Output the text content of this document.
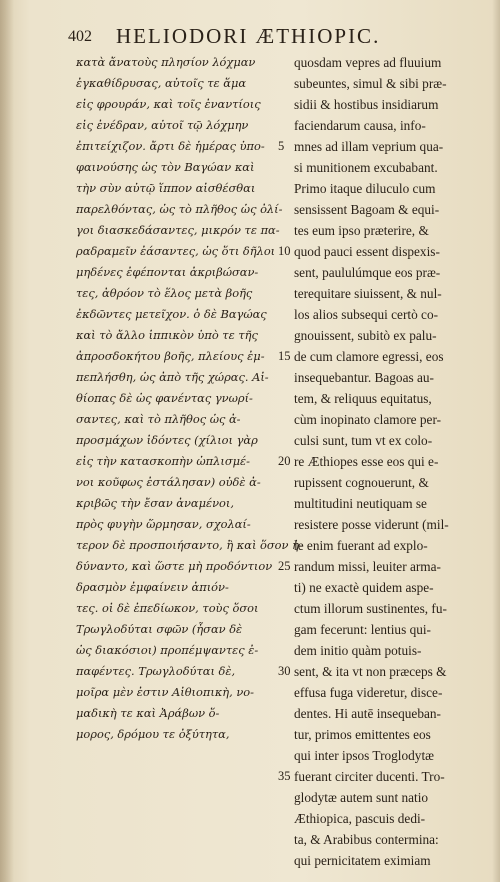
402 HELIODORI ÆTHIOPIC.
κατὰ ἄνατοὺς πλησίον λόχμαν
ἐγκαθίδρυσας, αὐτοῖς τε ἅμα
εἰς φρουράν, καὶ τοῖς ἐναντίοις
εἰς ἐνέδραν, αὐτοῖ τῷ λόχμην
ἐπιτείχιζον. ἄρτι δὲ ἡμέρας ὑπο-
φαινούσης ὡς τὸν Βαγώαν καὶ
τὴν σὺν αὐτῷ ἵππον αἰσθέσθαι
παρελθόντας, ὡς τὸ πλῆθος ὡς ὀλί-
γοι διασκεδάσαντες, μικρόν τε πα-
ραδραμεῖν ἐάσαντες, ὡς ὅτι δῆλοι
μηδένες ἐφέπονται ἀκριβώσαν-
τες, ἀθρόον τὸ ἕλος μετὰ βοῆς
ἐκδῶντες μετεῖχον. ὁ δὲ Βαγώας
καὶ τὸ ἄλλο ἱππικὸν ὑπὸ τε τῆς
ἀπροσδοκήτου βοῆς, πλείους ἐμ-
πεπλήσθη, ὡς ἀπὸ τῆς χώρας. Αἰ-
θίοπας δὲ ὡς φανέντας γνωρί-
σαντες, καὶ τὸ πλῆθος ὡς ἀ-
προσμάχων ἰδόντες (χίλιοι γὰρ
εἰς τὴν κατασκοπὴν ὡπλισμέ-
νοι κοῦφως ἐστάλησαν) οὐδὲ ἀ-
κριβῶς τὴν ἔσαν ἀναμένοι,
πρὸς φυγὴν ὥρμησαν, σχολαί-
τερον δὲ προσποιήσαντο, ἢ καὶ ὅσον ἠ-
δύναντο, καὶ ὥστε μὴ προδόντιον
δρασμὸν ἐμφαίνειν ἀπιόν-
τες. οἱ δὲ ἐπεδίωκον, τοὺς ὅσοι
Τρωγλοδύται σφῶν (ἦσαν δὲ
ὡς διακόσιοι) προπέμψαντες ἐ-
παφέντες. Τρωγλοδύται δὲ,
μοῖρα μὲν ἐστιν Αἰθιοπικὴ, νο-
μαδικὴ τε καὶ Ἀράβων ὅ-
μορος, δρόμου τε ὀξύτητα,
5
10
15
20
25
30
35
quosdam vepres ad fluuium
subeuntes, simul & sibi præ-
sidii & hostibus insidiarum
faciendarum causa, info-
mnes ad illam veprium qua-
si munitionem excubabant.
Primo itaque diluculo cum
sensissent Bagoam & equi-
tes eum ipso præterire, &
quod pauci essent dispexis-
sent, paululúmque eos præ-
terequitare siuissent, & nul-
los alios subsequi certò co-
gnouissent, subitò ex palu-
de cum clamore egressi, eos
insequebantur. Bagoas au-
tem, & reliquus equitatus,
cùm inopinato clamore per-
culsi sunt, tum vt ex colo-
re Æthiopes esse eos qui e-
rupissent cognouerunt, &
multitudini neutiquam se
resistere posse viderunt (mil-
le enim fuerant ad explo-
randum missi, leuiter arma-
ti) ne exactè quidem aspe-
ctum illorum sustinentes, fu-
gam fecerunt: lentius qui-
dem initio quàm potuis-
sent, & ita vt non præceps &
effusa fuga videretur, disce-
dentes. Hi autē insequeban-
tur, primos emittentes eos
qui inter ipsos Troglodytæ
fuerant circiter ducenti. Tro-
glodytæ autem sunt natio
Æthiopica, pascuis dedi-
ta, & Arabibus contermina:
qui pernicitatem eximiam
